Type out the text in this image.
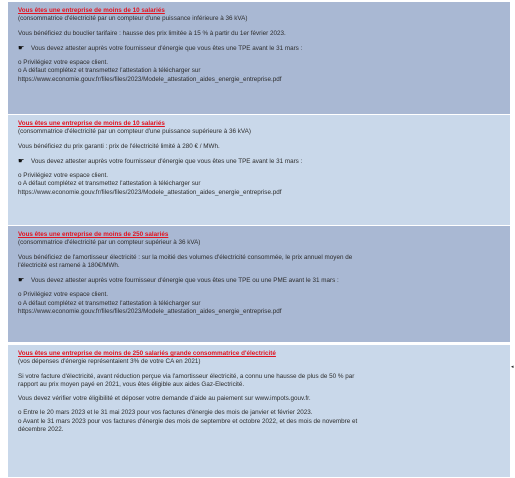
Vous êtes une entreprise de moins de 10 salariés
(consommatrice d'électricité par un compteur d'une puissance inférieure à 36 kVA)
Vous bénéficiez du bouclier tarifaire : hausse des prix limitée à 15 % à partir du 1er février 2023.
☛ Vous devez attester auprès votre fournisseur d'énergie que vous êtes une TPE avant le 31 mars :
o Privilégiez votre espace client.
o A défaut complétez et transmettez l'attestation à télécharger sur
https://www.economie.gouv.fr/files/files/2023/Modele_attestation_aides_energie_entreprise.pdf
Vous êtes une entreprise de moins de 10 salariés
(consommatrice d'électricité par un compteur d'une puissance supérieure à 36 kVA)
Vous bénéficiez du prix garanti : prix de l'électricité limité à 280 € / MWh.
☛ Vous devez attester auprès votre fournisseur d'énergie que vous êtes une TPE avant le 31 mars :
o Privilégiez votre espace client.
o A défaut complétez et transmettez l'attestation à télécharger sur
https://www.economie.gouv.fr/files/files/2023/Modele_attestation_aides_energie_entreprise.pdf
Vous êtes une entreprise de moins de 250 salariés
(consommatrice d'électricité par un compteur supérieur à 36 kVA)
Vous bénéficiez de l'amortisseur électricité : sur la moitié des volumes d'électricité consommée, le prix annuel moyen de
l'électricité est ramené à 180€/MWh.
☛ Vous devez attester auprès votre fournisseur d'énergie que vous êtes une TPE ou une PME avant le 31 mars :
o Privilégiez votre espace client.
o A défaut complétez et transmettez l'attestation à télécharger sur
https://www.economie.gouv.fr/files/files/2023/Modele_attestation_aides_energie_entreprise.pdf
Vous êtes une entreprise de moins de 250 salariés grande consommatrice d'électricité
(vos dépenses d'énergie représentaient 3% de votre CA en 2021)
Si votre facture d'électricité, avant réduction perçue via l'amortisseur électricité, a connu une hausse de plus de 50 % par
rapport au prix moyen payé en 2021, vous êtes éligible aux aides Gaz-Electricité.
Vous devez vérifier votre éligibilité et déposer votre demande d'aide au paiement sur www.impots.gouv.fr.
o Entre le 20 mars 2023 et le 31 mai 2023 pour vos factures d'énergie des mois de janvier et février 2023.
o Avant le 31 mars 2023 pour vos factures d'énergie des mois de septembre et octobre 2022, et des mois de novembre et
décembre 2022.
◂
